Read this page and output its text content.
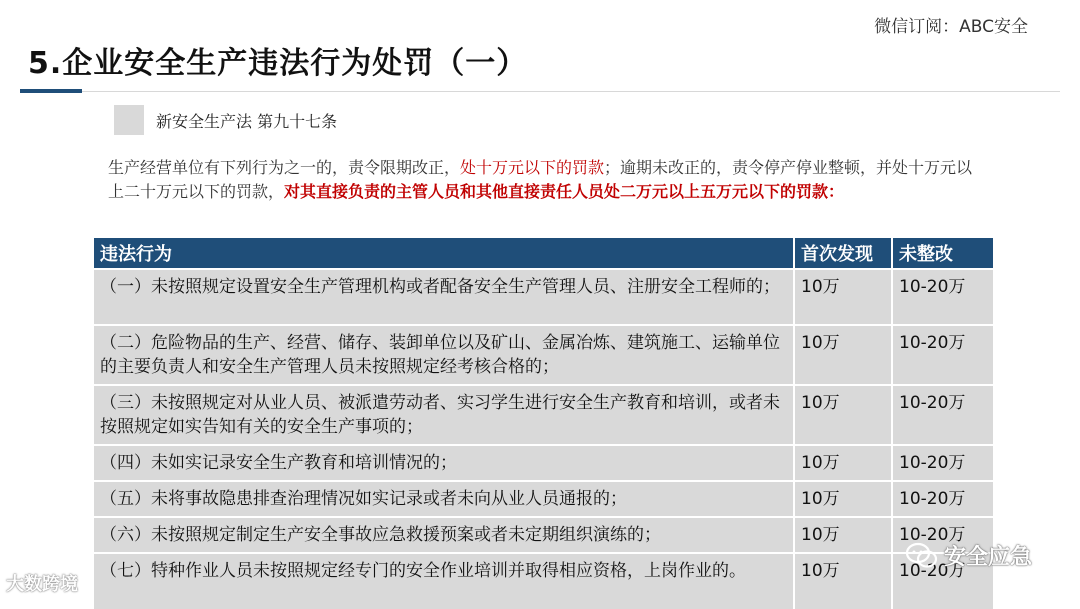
微信订阅：ABC安全
5.企业安全生产违法行为处罚（一）
新安全生产法 第九十七条
生产经营单位有下列行为之一的，责令限期改正，处十万元以下的罚款；逾期未改正的，责令停产停业整顿，并处十万元以上二十万元以下的罚款，对其直接负责的主管人员和其他直接责任人员处二万元以上五万元以下的罚款：
违法行为	首次发现	未整改
（一）未按照规定设置安全生产管理机构或者配备安全生产管理人员、注册安全工程师的；	10万	10-20万
（二）危险物品的生产、经营、储存、装卸单位以及矿山、金属冶炼、建筑施工、运输单位的主要负责人和安全生产管理人员未按照规定经考核合格的；	10万	10-20万
（三）未按照规定对从业人员、被派遣劳动者、实习学生进行安全生产教育和培训，或者未按照规定如实告知有关的安全生产事项的；	10万	10-20万
（四）未如实记录安全生产教育和培训情况的；	10万	10-20万
（五）未将事故隐患排查治理情况如实记录或者未向从业人员通报的；	10万	10-20万
（六）未按照规定制定生产安全事故应急救援预案或者未定期组织演练的；	10万	10-20万
（七）特种作业人员未按照规定经专门的安全作业培训并取得相应资格，上岗作业的。	10万	10-20万
大数跨境
安全应急
